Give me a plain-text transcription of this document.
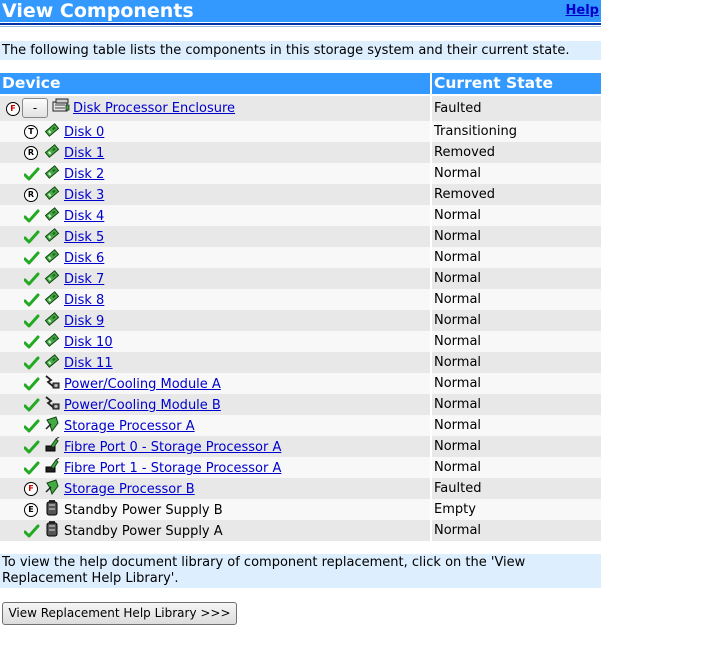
View Components	Help
The following table lists the components in this storage system and their current state.
Device	Current State
F	-	Disk Processor Enclosure	Faulted
T	Disk 0	Transitioning
R	Disk 1	Removed
Disk 2	Normal
R	Disk 3	Removed
Disk 4	Normal
Disk 5	Normal
Disk 6	Normal
Disk 7	Normal
Disk 8	Normal
Disk 9	Normal
Disk 10	Normal
Disk 11	Normal
Power/Cooling Module A	Normal
Power/Cooling Module B	Normal
Storage Processor A	Normal
Fibre Port 0 - Storage Processor A	Normal
Fibre Port 1 - Storage Processor A	Normal
F	Storage Processor B	Faulted
E	Standby Power Supply B	Empty
Standby Power Supply A	Normal
To view the help document library of component replacement, click on the 'View Replacement Help Library'.
View Replacement Help Library >>>
